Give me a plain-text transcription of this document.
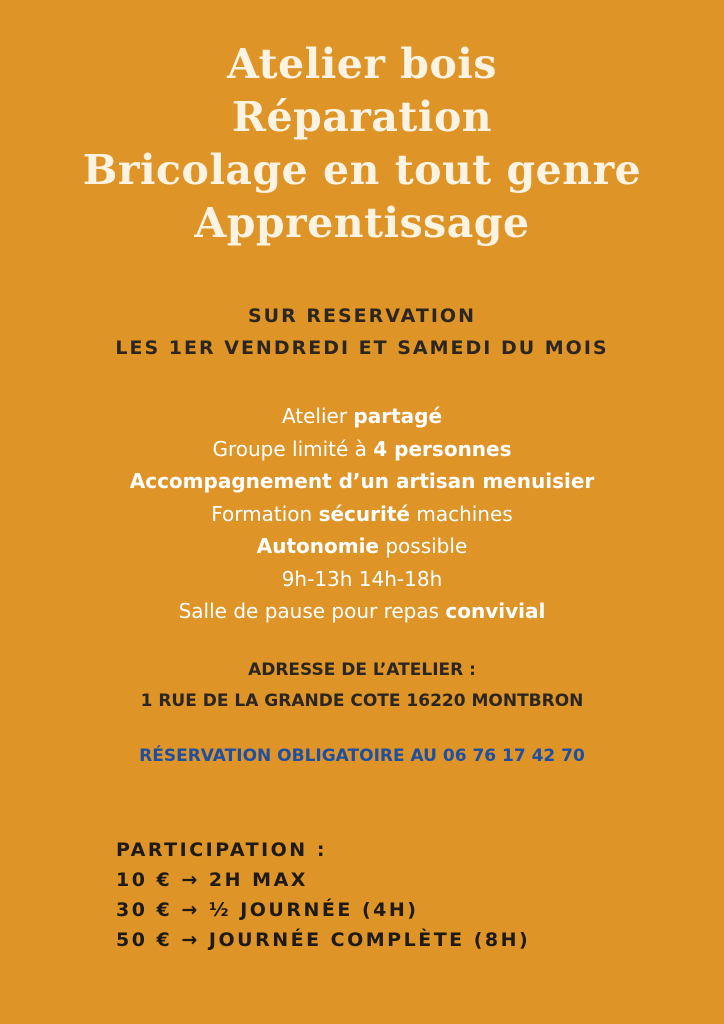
Atelier bois
Réparation
Bricolage en tout genre
Apprentissage
SUR RESERVATION
LES 1ER VENDREDI ET SAMEDI DU MOIS
Atelier partagé
Groupe limité à 4 personnes
Accompagnement d’un artisan menuisier
Formation sécurité machines
Autonomie possible
9h-13h 14h-18h
Salle de pause pour repas convivial
ADRESSE DE L’ATELIER :
1 RUE DE LA GRANDE COTE 16220 MONTBRON
RÉSERVATION OBLIGATOIRE AU 06 76 17 42 70
PARTICIPATION :
10 € → 2H MAX
30 € → ½ JOURNÉE (4H)
50 € → JOURNÉE COMPLÈTE (8H)
